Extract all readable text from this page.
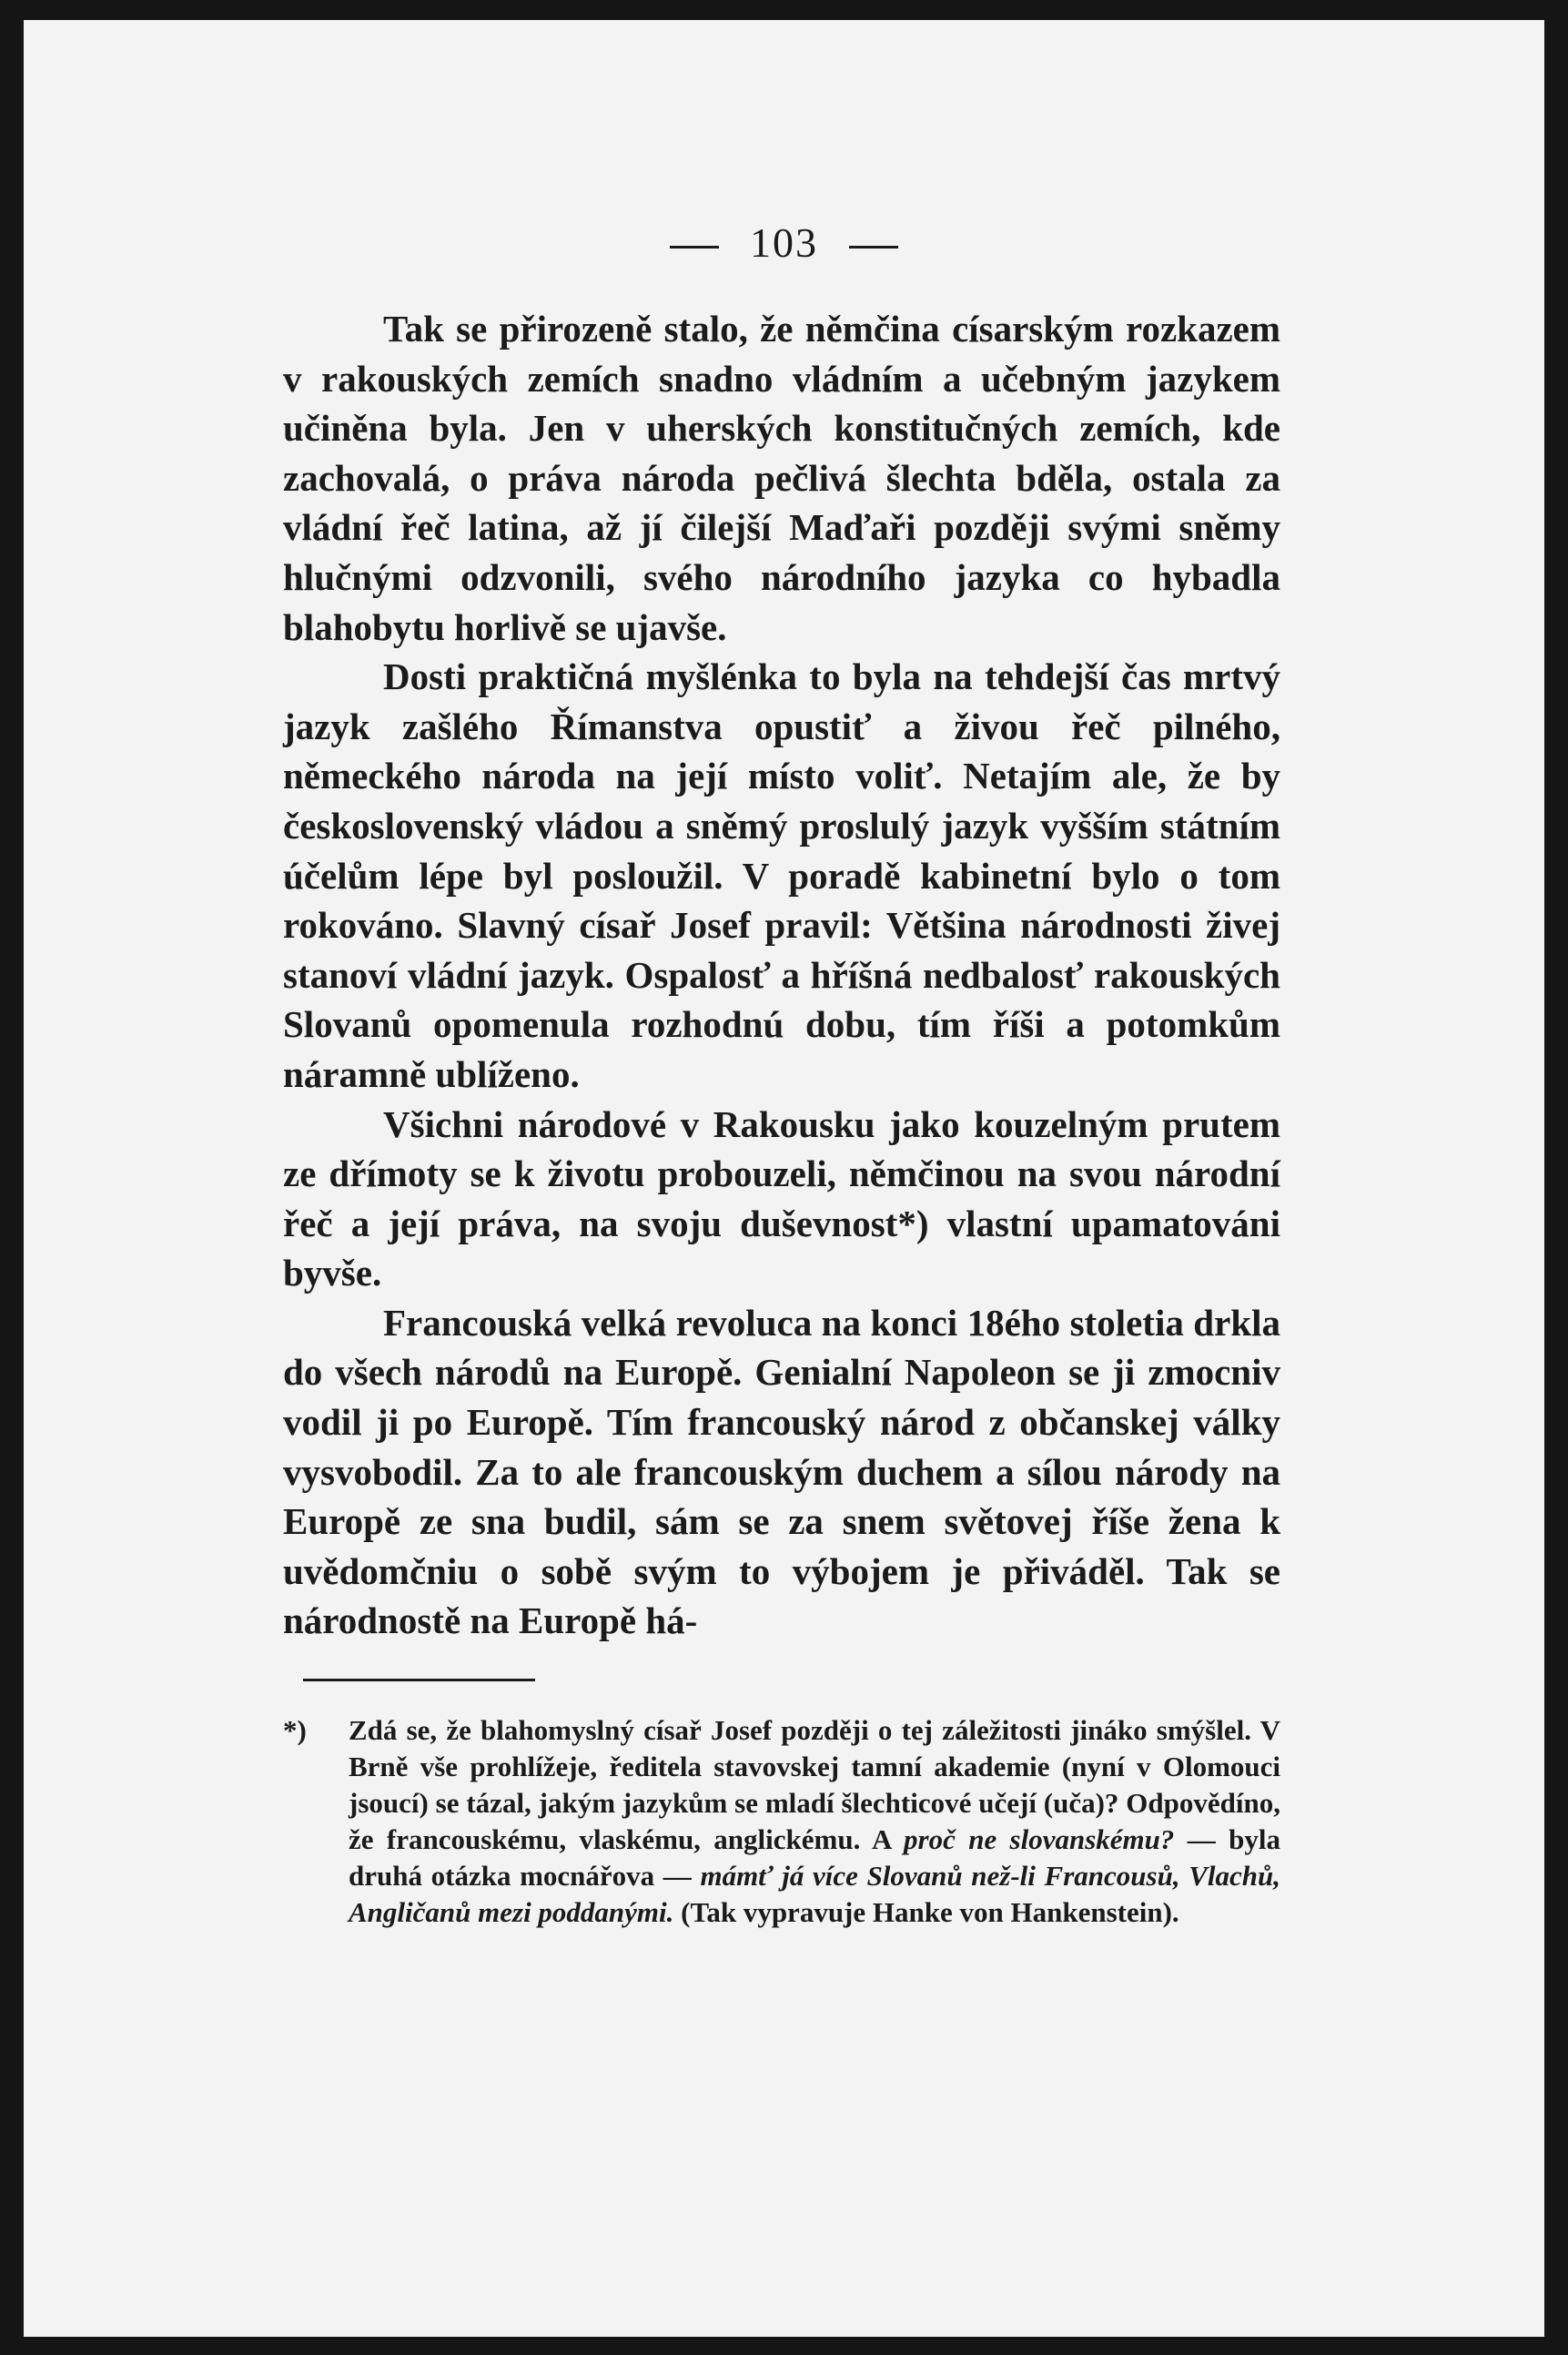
103

Tak se přirozeně stalo, že němčina císarským rozkazem v rakouských zemích snadno vládním a učebným jazykem učiněna byla. Jen v uherských konstitučných zemích, kde zachovalá, o práva národa pečlivá šlechta bděla, ostala za vládní řeč latina, až jí čilejší Maďaři později svými sněmy hlučnými odzvonili, svého národního jazyka co hybadla blahobytu horlivě se ujavše.

Dosti praktičná myšlénka to byla na tehdejší čas mrtvý jazyk zašlého Římanstva opustiť a živou řeč pilného, německého národa na její místo voliť. Netajím ale, že by československý vládou a sněmý proslulý jazyk vyšším státním účelům lépe byl posloužil. V poradě kabinetní bylo o tom rokováno. Slavný císař Josef pravil: Většina národnosti živej stanoví vládní jazyk. Ospalosť a hříšná nedbalosť rakouských Slovanů opomenula rozhodnú dobu, tím říši a potomkům náramně ublíženo.

Všichni národové v Rakousku jako kouzelným prutem ze dřímoty se k životu probouzeli, němčinou na svou národní řeč a její práva, na svoju duševnost*) vlastní upamatováni byvše.

Francouská velká revoluca na konci 18ého stoletia drkla do všech národů na Europě. Genialní Napoleon se ji zmocniv vodil ji po Europě. Tím francouský národ z občanskej války vysvobodil. Za to ale francouským duchem a sílou národy na Europě ze sna budil, sám se za snem světovej říše žena k uvědomčniu o sobě svým to výbojem je přiváděl. Tak se národnostě na Europě há-

*) Zdá se, že blahomyslný císař Josef později o tej záležitosti jináko smýšlel. V Brně vše prohlížeje, ředitela stavovskej tamní akademie (nyní v Olomouci jsoucí) se tázal, jakým jazykům se mladí šlechticové učejí (uča)? Odpovědíno, že francouskému, vlaskému, anglickému. A proč ne slovanskému? — byla druhá otázka mocnářova — mámť já více Slovanů než-li Francousů, Vlachů, Angličanů mezi poddanými. (Tak vypravuje Hanke von Hankenstein).
